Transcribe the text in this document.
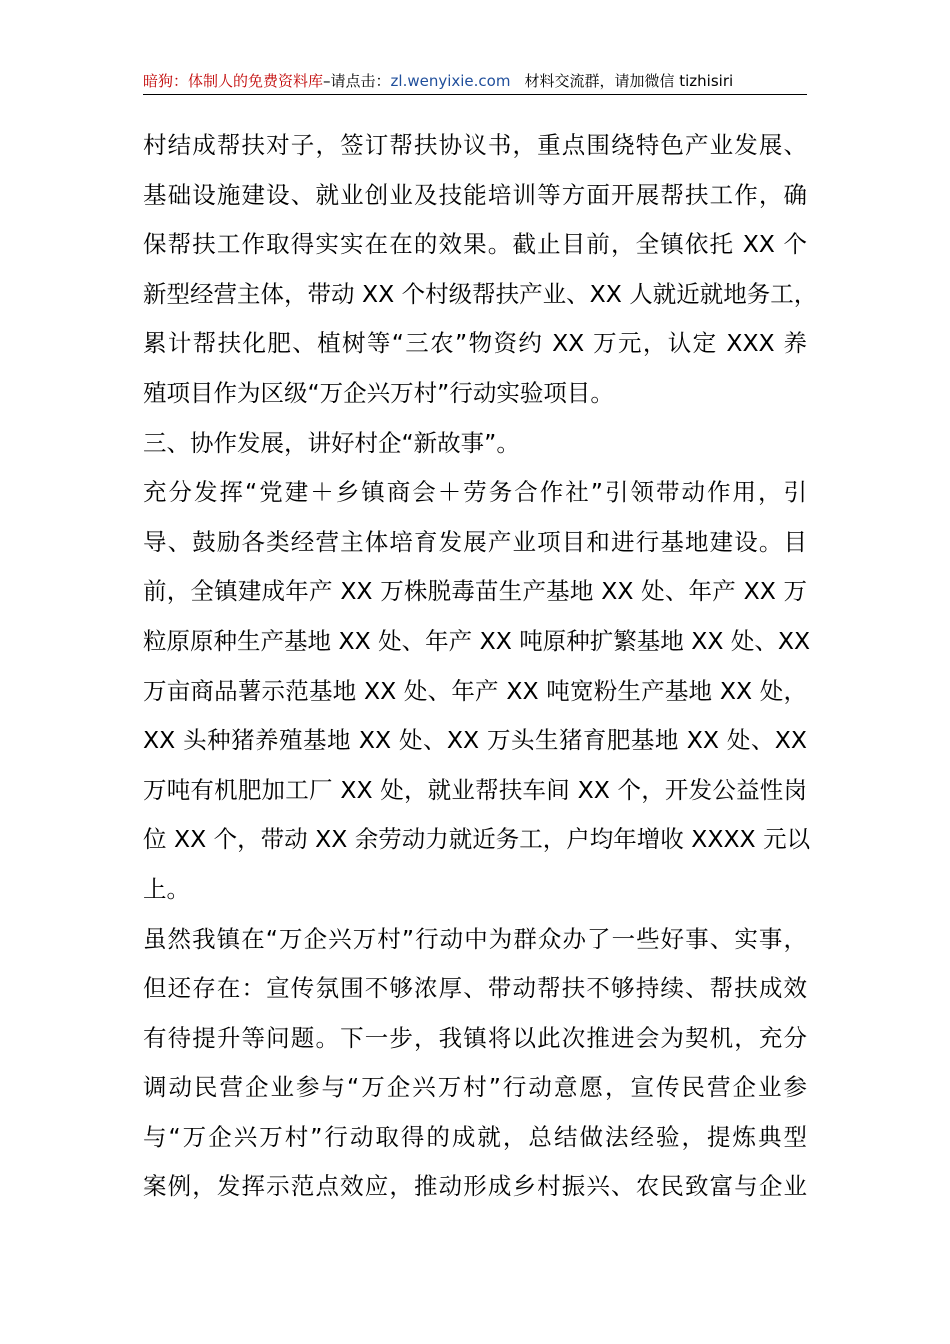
暗狗：体制人的免费资料库–请点击：zl.wenyixie.com 材料交流群，请加微信 tizhisiri

村结成帮扶对子，签订帮扶协议书，重点围绕特色产业发展、
基础设施建设、就业创业及技能培训等方面开展帮扶工作，确
保帮扶工作取得实实在在的效果。截止目前，全镇依托 XX 个
新型经营主体，带动 XX 个村级帮扶产业、XX 人就近就地务工，
累计帮扶化肥、植树等“三农”物资约 XX 万元，认定 XXX 养
殖项目作为区级“万企兴万村”行动实验项目。

三、协作发展，讲好村企“新故事”。

充分发挥“党建＋乡镇商会＋劳务合作社”引领带动作用，引
导、鼓励各类经营主体培育发展产业项目和进行基地建设。目
前，全镇建成年产 XX 万株脱毒苗生产基地 XX 处、年产 XX 万
粒原原种生产基地 XX 处、年产 XX 吨原种扩繁基地 XX 处、XX
万亩商品薯示范基地 XX 处、年产 XX 吨宽粉生产基地 XX 处，
XX 头种猪养殖基地 XX 处、XX 万头生猪育肥基地 XX 处、XX
万吨有机肥加工厂 XX 处，就业帮扶车间 XX 个，开发公益性岗
位 XX 个，带动 XX 余劳动力就近务工，户均年增收 XXXX 元以
上。

虽然我镇在“万企兴万村”行动中为群众办了一些好事、实事，
但还存在：宣传氛围不够浓厚、带动帮扶不够持续、帮扶成效
有待提升等问题。下一步，我镇将以此次推进会为契机，充分
调动民营企业参与“万企兴万村”行动意愿，宣传民营企业参
与“万企兴万村”行动取得的成就，总结做法经验，提炼典型
案例，发挥示范点效应，推动形成乡村振兴、农民致富与企业
